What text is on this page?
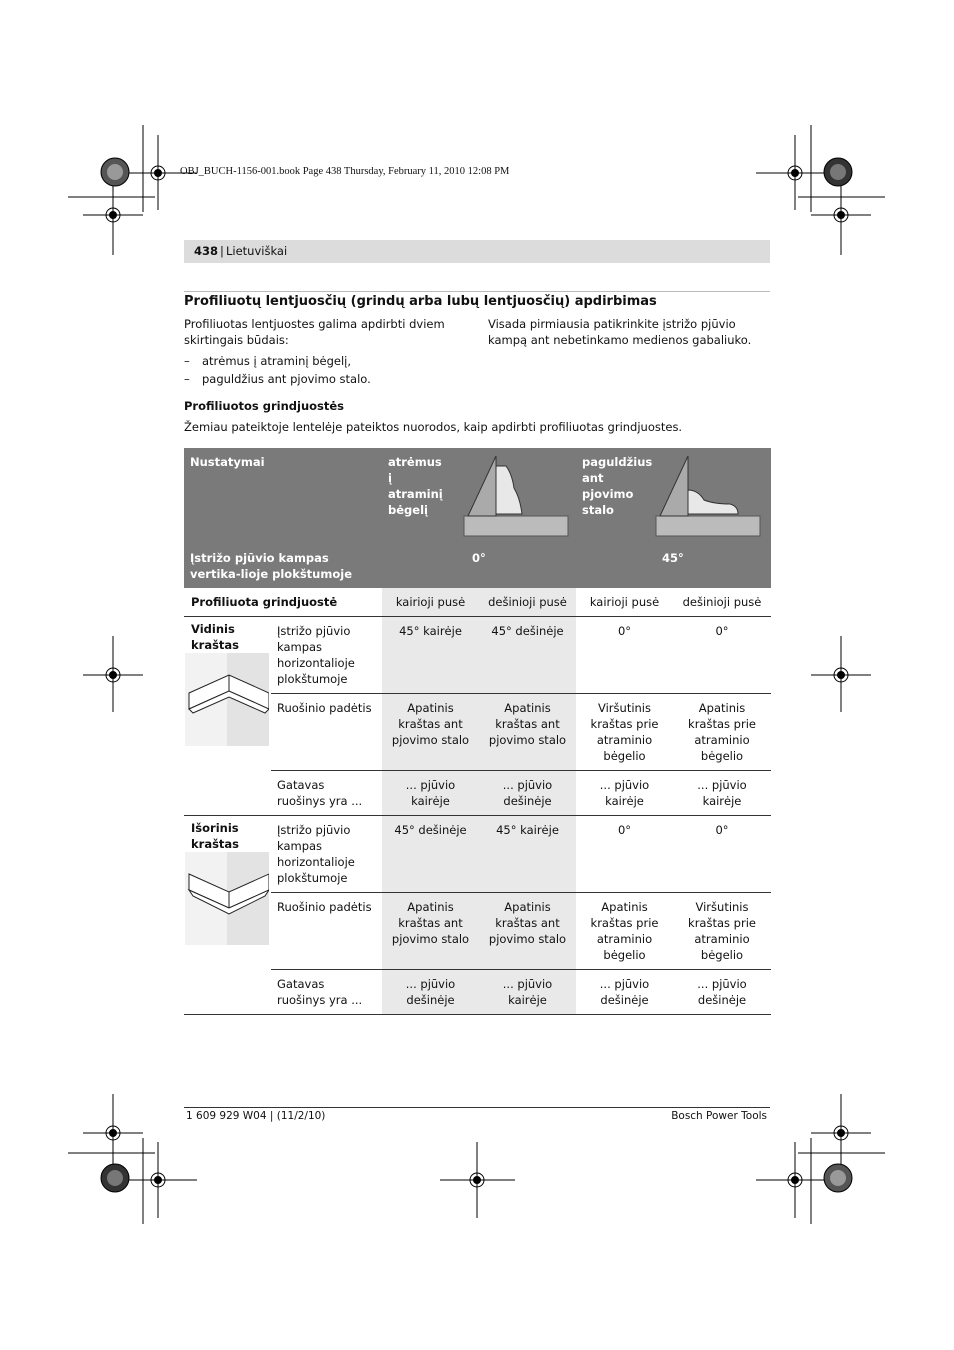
OBJ_BUCH-1156-001.book Page 438 Thursday, February 11, 2010 12:08 PM
438 | Lietuviškai
Profiliuotų lentjuosčių (grindų arba lubų lentjuosčių) apdirbimas
Profiliuotas lentjuostes galima apdirbti dviem skirtingais būdais:
Visada pirmiausia patikrinkite įstrižo pjūvio kampą ant nebetinkamo medienos gabaliuko.
– atrėmus į atraminį bėgelį,
– paguldžius ant pjovimo stalo.
Profiliuotos grindjuostės
Žemiau pateiktoje lentelėje pateiktos nuorodos, kaip apdirbti profiliuotas grindjuostes.
Nustatymai		atrėmus į atraminį bėgelį		paguldžius ant pjovimo stalo	

Įstrižo pjūvio kampas vertika-lioje plokštumoje		0°		45°	
Profiliuota grindjuostė		kairioji pusė	dešinioji pusė	kairioji pusė	dešinioji pusė

Vidinis kraštas	Įstrižo pjūvio kampas horizontalioje plokštumoje	45° kairėje	45° dešinėje	0°	0°
	Ruošinio padėtis	Apatinis kraštas ant pjovimo stalo	Apatinis kraštas ant pjovimo stalo	Viršutinis kraštas prie atraminio bėgelio	Apatinis kraštas prie atraminio bėgelio
	Gatavas ruošinys yra ...	... pjūvio kairėje	... pjūvio dešinėje	... pjūvio kairėje	... pjūvio kairėje

Išorinis kraštas	Įstrižo pjūvio kampas horizontalioje plokštumoje	45° dešinėje	45° kairėje	0°	0°
	Ruošinio padėtis	Apatinis kraštas ant pjovimo stalo	Apatinis kraštas ant pjovimo stalo	Apatinis kraštas prie atraminio bėgelio	Viršutinis kraštas prie atraminio bėgelio
	Gatavas ruošinys yra ...	... pjūvio dešinėje	... pjūvio kairėje	... pjūvio dešinėje	... pjūvio dešinėje
1 609 929 W04 | (11/2/10)	Bosch Power Tools
